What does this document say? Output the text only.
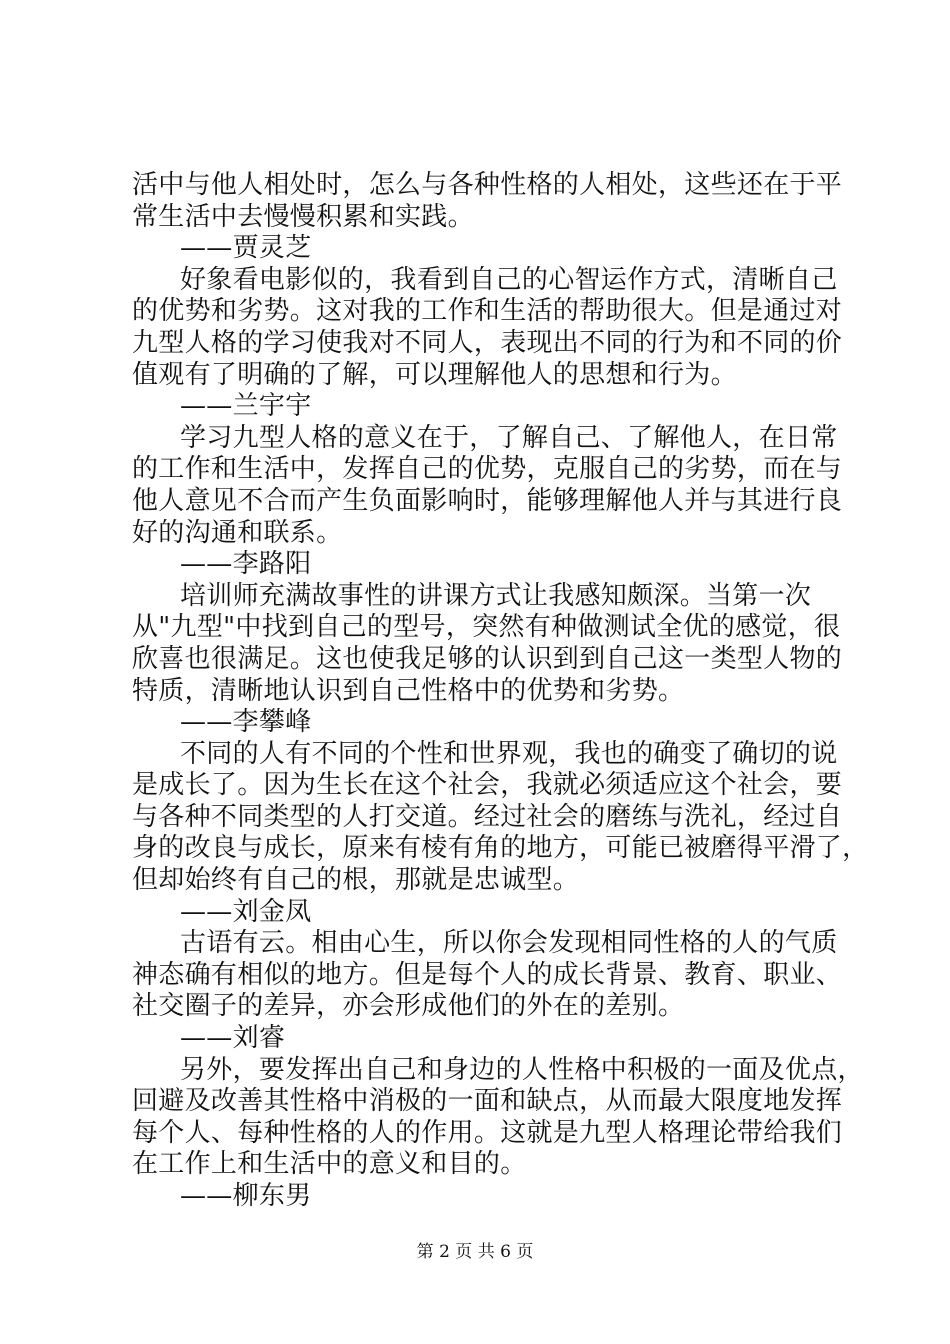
活中与他人相处时，怎么与各种性格的人相处，这些还在于平
常生活中去慢慢积累和实践。
——贾灵芝
好象看电影似的，我看到自己的心智运作方式，清晰自己
的优势和劣势。这对我的工作和生活的帮助很大。但是通过对
九型人格的学习使我对不同人，表现出不同的行为和不同的价
值观有了明确的了解，可以理解他人的思想和行为。
——兰宇宇
学习九型人格的意义在于，了解自己、了解他人，在日常
的工作和生活中，发挥自己的优势，克服自己的劣势，而在与
他人意见不合而产生负面影响时，能够理解他人并与其进行良
好的沟通和联系。
——李路阳
培训师充满故事性的讲课方式让我感知颇深。当第一次
从"九型"中找到自己的型号，突然有种做测试全优的感觉，很
欣喜也很满足。这也使我足够的认识到到自己这一类型人物的
特质，清晰地认识到自己性格中的优势和劣势。
——李攀峰
不同的人有不同的个性和世界观，我也的确变了确切的说
是成长了。因为生长在这个社会，我就必须适应这个社会，要
与各种不同类型的人打交道。经过社会的磨练与洗礼，经过自
身的改良与成长，原来有棱有角的地方，可能已被磨得平滑了，
但却始终有自己的根，那就是忠诚型。
——刘金凤
古语有云。相由心生，所以你会发现相同性格的人的气质
神态确有相似的地方。但是每个人的成长背景、教育、职业、
社交圈子的差异，亦会形成他们的外在的差别。
——刘睿
另外，要发挥出自己和身边的人性格中积极的一面及优点，
回避及改善其性格中消极的一面和缺点，从而最大限度地发挥
每个人、每种性格的人的作用。这就是九型人格理论带给我们
在工作上和生活中的意义和目的。
——柳东男
第 2 页 共 6 页
